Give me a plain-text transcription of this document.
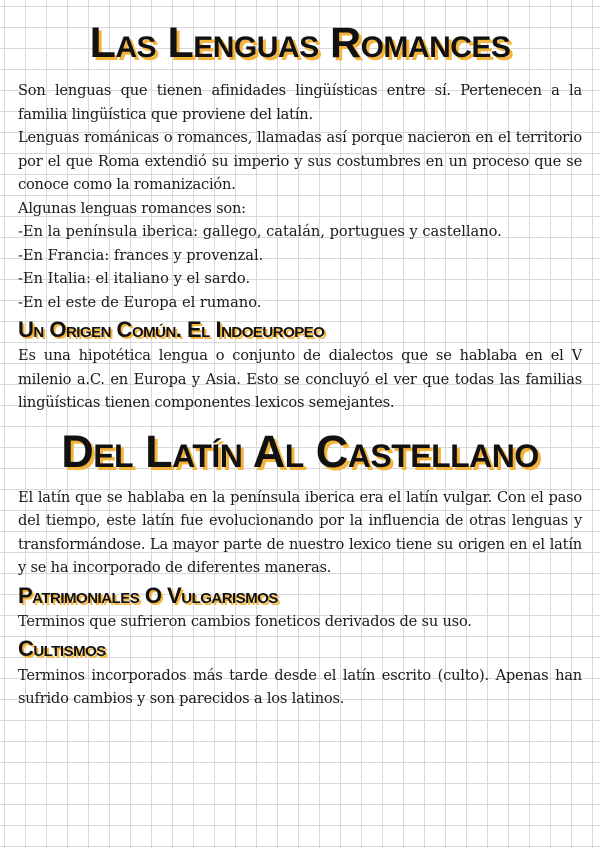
Las Lenguas Romances

Son lenguas que tienen afinidades lingüísticas entre sí. Pertenecen a la familia lingüística que proviene del latín.

Lenguas románicas o romances, llamadas así porque nacieron en el territorio por el que Roma extendió su imperio y sus costumbres en un proceso que se conoce como la romanización.

Algunas lenguas romances son:

-En la península iberica: gallego, catalán, portugues y castellano.
-En Francia: frances y provenzal.
-En Italia: el italiano y el sardo.
-En el este de Europa el rumano.
Un Origen Común. El Indoeuropeo

Es una hipotética lengua o conjunto de dialectos que se hablaba en el V milenio a.C. en Europa y Asia. Esto se concluyó el ver que todas las familias lingüísticas tienen componentes lexicos semejantes.

Del Latín Al Castellano

El latín que se hablaba en la península iberica era el latín vulgar. Con el paso del tiempo, este latín fue evolucionando por la influencia de otras lenguas y transformándose. La mayor parte de nuestro lexico tiene su origen en el latín y se ha incorporado de diferentes maneras.

Patrimoniales O Vulgarismos

Terminos que sufrieron cambios foneticos derivados de su uso.

Cultismos

Terminos incorporados más tarde desde el latín escrito (culto). Apenas han sufrido cambios y son parecidos a los latinos.
